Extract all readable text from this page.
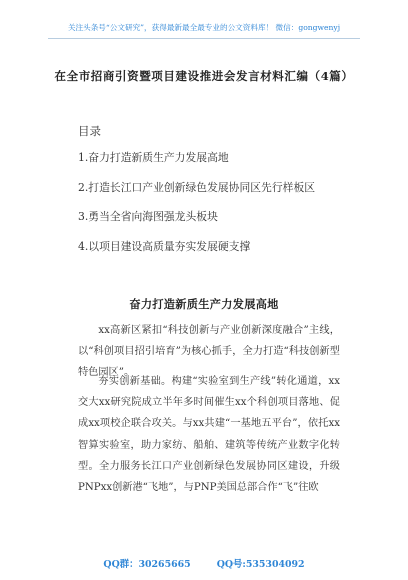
关注头条号“公文研究”，获得最新最全最专业的公文资料库！ 微信：gongwenyj
在全市招商引资暨项目建设推进会发言材料汇编（4篇）
目录
1.奋力打造新质生产力发展高地
2.打造长江口产业创新绿色发展协同区先行样板区
3.勇当全省向海图强龙头板块
4.以项目建设高质量夯实发展硬支撑
奋力打造新质生产力发展高地

xx高新区紧扣“科技创新与产业创新深度融合”主线，以“科创项目招引培育”为核心抓手，全力打造“科技创新型特色园区”。

夯实创新基础。构建“实验室到生产线”转化通道，xx交大xx研究院成立半年多时间催生xx个科创项目落地、促成xx项校企联合攻关。与xx共建“一基地五平台”，依托xx智算实验室，助力家纺、船舶、建筑等传统产业数字化转型。全力服务长江口产业创新绿色发展协同区建设，升级PNPxx创新港“飞地”，与PNP美国总部合作“飞”往欧

QQ群：30265665	QQ号:535304092
